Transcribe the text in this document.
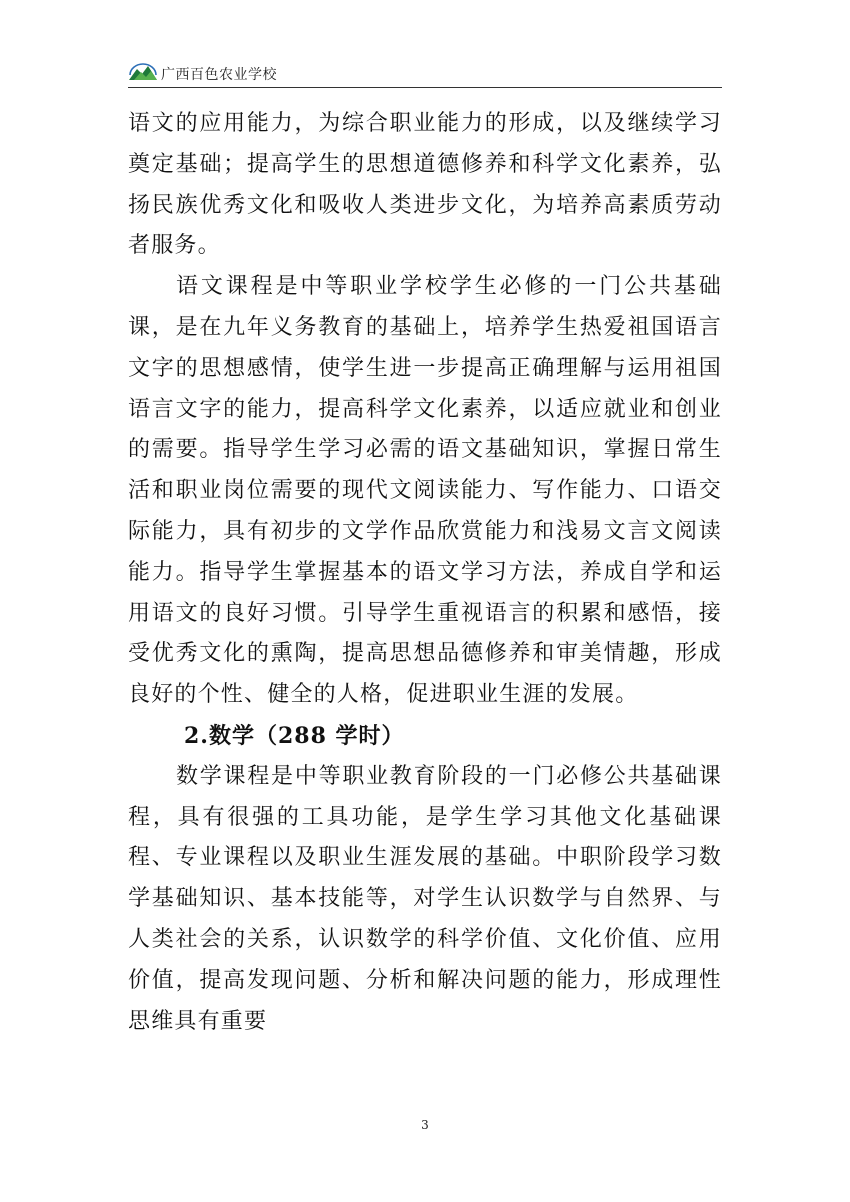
广西百色农业学校

语文的应用能力，为综合职业能力的形成，以及继续学习奠定基础；提高学生的思想道德修养和科学文化素养，弘扬民族优秀文化和吸收人类进步文化，为培养高素质劳动者服务。

语文课程是中等职业学校学生必修的一门公共基础课，是在九年义务教育的基础上，培养学生热爱祖国语言文字的思想感情，使学生进一步提高正确理解与运用祖国语言文字的能力，提高科学文化素养，以适应就业和创业的需要。指导学生学习必需的语文基础知识，掌握日常生活和职业岗位需要的现代文阅读能力、写作能力、口语交际能力，具有初步的文学作品欣赏能力和浅易文言文阅读能力。指导学生掌握基本的语文学习方法，养成自学和运用语文的良好习惯。引导学生重视语言的积累和感悟，接受优秀文化的熏陶，提高思想品德修养和审美情趣，形成良好的个性、健全的人格，促进职业生涯的发展。

2.数学（288 学时）

数学课程是中等职业教育阶段的一门必修公共基础课程，具有很强的工具功能，是学生学习其他文化基础课程、专业课程以及职业生涯发展的基础。中职阶段学习数学基础知识、基本技能等，对学生认识数学与自然界、与人类社会的关系，认识数学的科学价值、文化价值、应用价值，提高发现问题、分析和解决问题的能力，形成理性思维具有重要

3
